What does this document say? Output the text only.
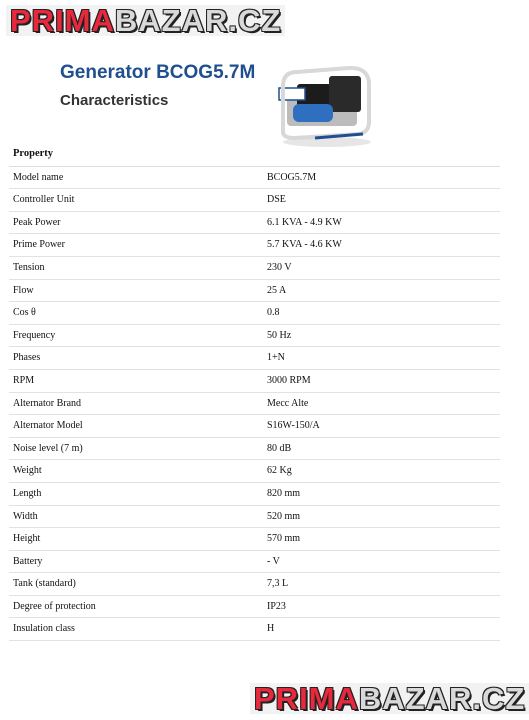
PRIMABAZAR.CZ
Generator BCOG5.7M
Characteristics
Property
Model name	BCOG5.7M
Controller Unit	DSE
Peak Power	6.1 KVA - 4.9 KW
Prime Power	5.7 KVA - 4.6 KW
Tension	230 V
Flow	25 A
Cos θ	0.8
Frequency	50 Hz
Phases	1+N
RPM	3000 RPM
Alternator Brand	Mecc Alte
Alternator Model	S16W-150/A
Noise level (7 m)	80 dB
Weight	62 Kg
Length	820 mm
Width	520 mm
Height	570 mm
Battery	- V
Tank (standard)	7,3 L
Degree of protection	IP23
Insulation class	H
PRIMABAZAR.CZ
